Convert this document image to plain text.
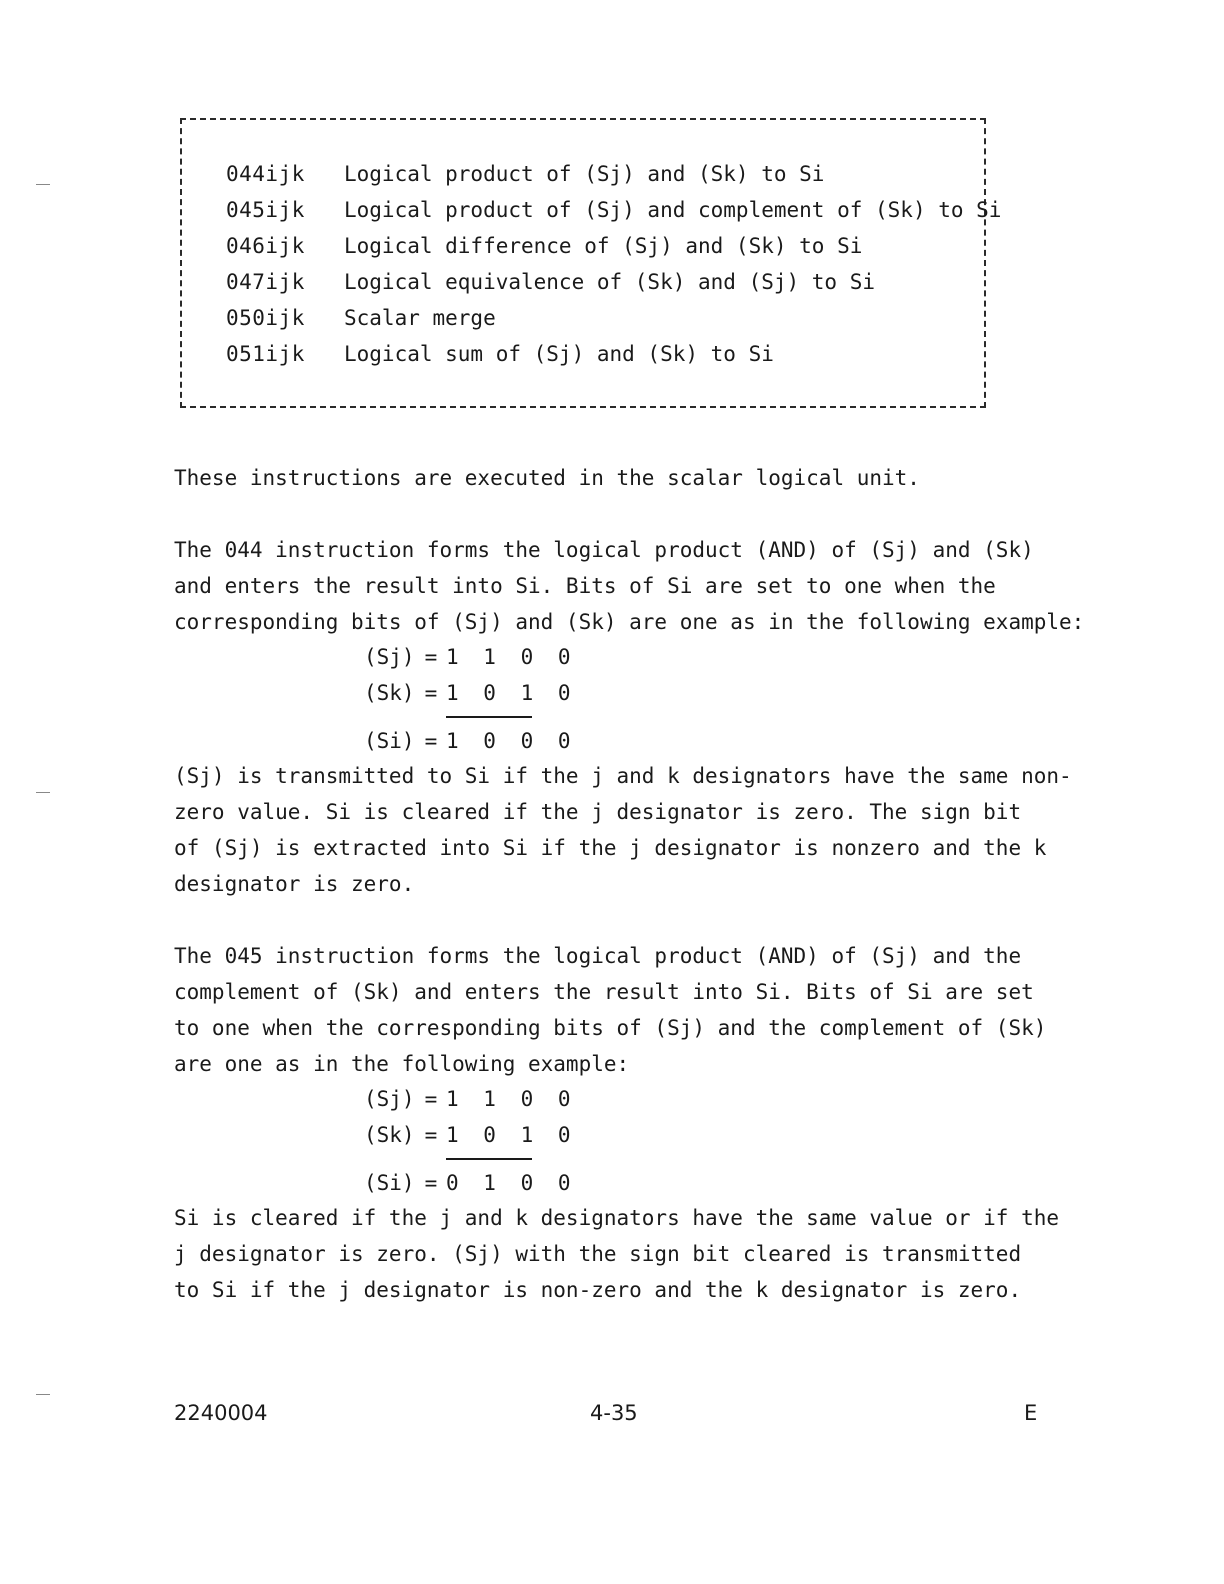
044ijk Logical product of (Sj) and (Sk) to Si
045ijk Logical product of (Sj) and complement of (Sk) to Si
046ijk Logical difference of (Sj) and (Sk) to Si
047ijk Logical equivalence of (Sk) and (Sj) to Si
050ijk Scalar merge
051ijk Logical sum of (Sj) and (Sk) to Si
These instructions are executed in the scalar logical unit.
The 044 instruction forms the logical product (AND) of (Sj) and (Sk)
and enters the result into Si. Bits of Si are set to one when the
corresponding bits of (Sj) and (Sk) are one as in the following example:
(Sj) = 1 1 0 0
(Sk) = 1 0 1 0
(Si) = 1 0 0 0
(Sj) is transmitted to Si if the j and k designators have the same non-
zero value. Si is cleared if the j designator is zero. The sign bit
of (Sj) is extracted into Si if the j designator is nonzero and the k
designator is zero.
The 045 instruction forms the logical product (AND) of (Sj) and the
complement of (Sk) and enters the result into Si. Bits of Si are set
to one when the corresponding bits of (Sj) and the complement of (Sk)
are one as in the following example:
(Sj) = 1 1 0 0
(Sk) = 1 0 1 0
(Si) = 0 1 0 0
Si is cleared if the j and k designators have the same value or if the
j designator is zero. (Sj) with the sign bit cleared is transmitted
to Si if the j designator is non-zero and the k designator is zero.
2240004	4-35	E
